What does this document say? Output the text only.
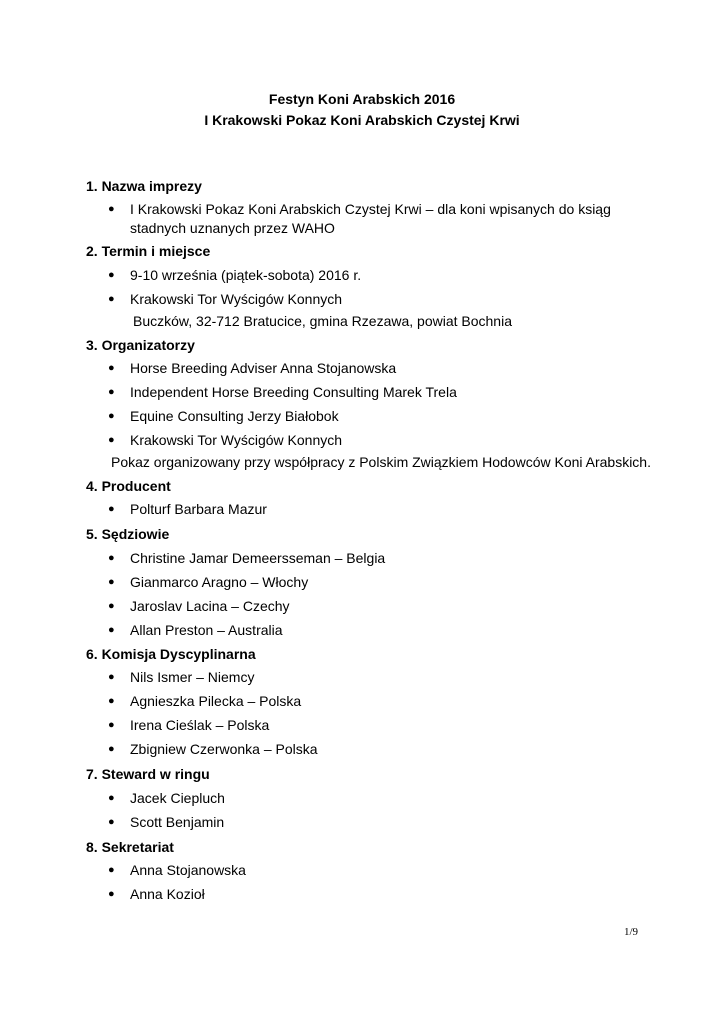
Festyn Koni Arabskich 2016
I Krakowski Pokaz Koni Arabskich Czystej Krwi
1. Nazwa imprezy
● I Krakowski Pokaz Koni Arabskich Czystej Krwi – dla koni wpisanych do ksiąg
stadnych uznanych przez WAHO
2. Termin i miejsce
● 9-10 września (piątek-sobota) 2016 r.
● Krakowski Tor Wyścigów Konnych
Buczków, 32-712 Bratucice, gmina Rzezawa, powiat Bochnia
3. Organizatorzy
● Horse Breeding Adviser Anna Stojanowska
● Independent Horse Breeding Consulting Marek Trela
● Equine Consulting Jerzy Białobok
● Krakowski Tor Wyścigów Konnych
Pokaz organizowany przy współpracy z Polskim Związkiem Hodowców Koni Arabskich.
4. Producent
● Polturf Barbara Mazur
5. Sędziowie
● Christine Jamar Demeersseman – Belgia
● Gianmarco Aragno – Włochy
● Jaroslav Lacina – Czechy
● Allan Preston – Australia
6. Komisja Dyscyplinarna
● Nils Ismer – Niemcy
● Agnieszka Pilecka – Polska
● Irena Cieślak – Polska
● Zbigniew Czerwonka – Polska
7. Steward w ringu
● Jacek Ciepluch
● Scott Benjamin
8. Sekretariat
● Anna Stojanowska
● Anna Kozioł
1/9
